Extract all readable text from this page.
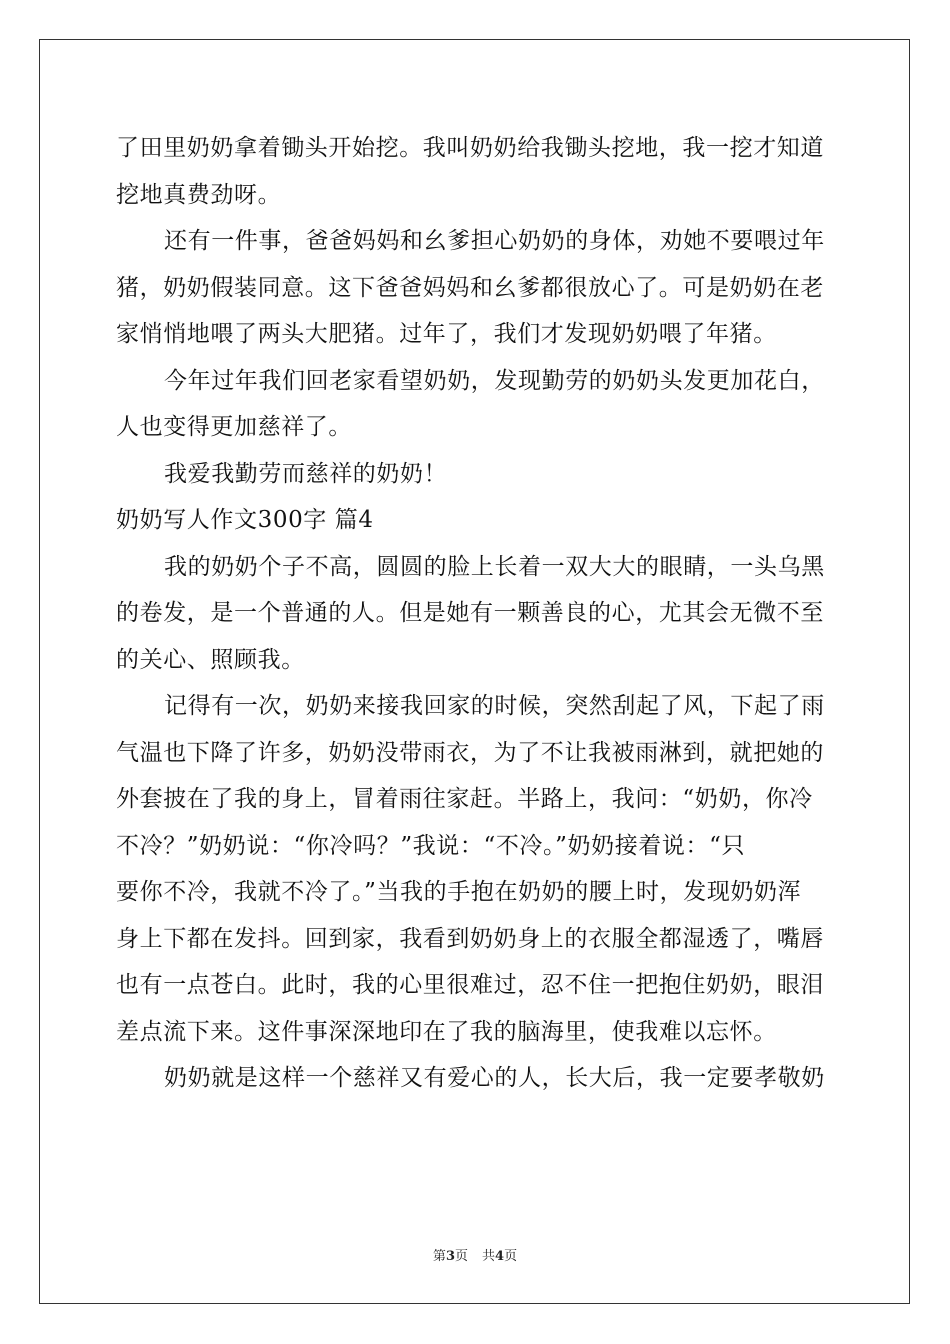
了田里奶奶拿着锄头开始挖。我叫奶奶给我锄头挖地，我一挖才知道
挖地真费劲呀。
还有一件事，爸爸妈妈和幺爹担心奶奶的身体，劝她不要喂过年
猪，奶奶假装同意。这下爸爸妈妈和幺爹都很放心了。可是奶奶在老
家悄悄地喂了两头大肥猪。过年了，我们才发现奶奶喂了年猪。
今年过年我们回老家看望奶奶，发现勤劳的奶奶头发更加花白，
人也变得更加慈祥了。
我爱我勤劳而慈祥的奶奶！
奶奶写人作文300字 篇4
我的奶奶个子不高，圆圆的脸上长着一双大大的眼睛，一头乌黑
的卷发，是一个普通的人。但是她有一颗善良的心，尤其会无微不至
的关心、照顾我。
记得有一次，奶奶来接我回家的时候，突然刮起了风，下起了雨
气温也下降了许多，奶奶没带雨衣，为了不让我被雨淋到，就把她的
外套披在了我的身上，冒着雨往家赶。半路上，我问：“奶奶，你冷
不冷？”奶奶说：“你冷吗？”我说：“不冷。”奶奶接着说：“只
要你不冷，我就不冷了。”当我的手抱在奶奶的腰上时，发现奶奶浑
身上下都在发抖。回到家，我看到奶奶身上的衣服全都湿透了，嘴唇
也有一点苍白。此时，我的心里很难过，忍不住一把抱住奶奶，眼泪
差点流下来。这件事深深地印在了我的脑海里，使我难以忘怀。
奶奶就是这样一个慈祥又有爱心的人，长大后，我一定要孝敬奶
第3页 共4页
